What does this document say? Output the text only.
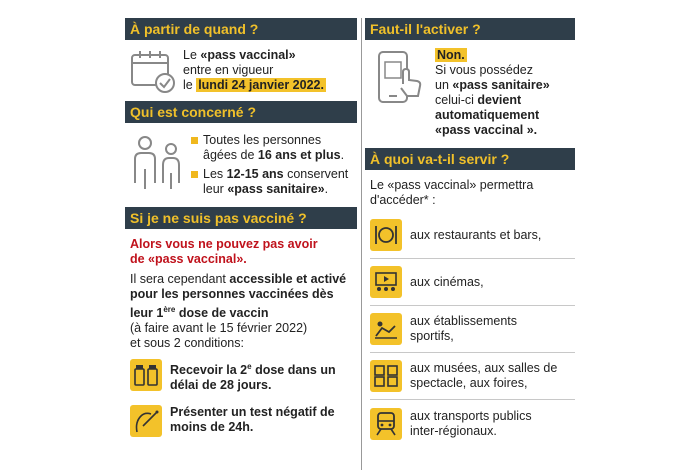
À partir de quand ?
Le «pass vaccinal»
entre en vigueur
le lundi 24 janvier 2022.
Qui est concerné ?
Toutes les personnes âgées de 16 ans et plus.
Les 12-15 ans conservent leur «pass sanitaire».
Si je ne suis pas vacciné ?
Alors vous ne pouvez pas avoir
de «pass vaccinal».
Il sera cependant accessible et activé pour les personnes vaccinées dès leur 1ère dose de vaccin
(à faire avant le 15 février 2022)
et sous 2 conditions:
Recevoir la 2e dose dans un délai de 28 jours.
Présenter un test négatif de moins de 24h.
Faut-il l'activer ?
Non.
Si vous possédez
un «pass sanitaire»
celui-ci devient
automatiquement
«pass vaccinal ».
À quoi va-t-il servir ?
Le «pass vaccinal» permettra
d'accéder* :
aux restaurants et bars,
aux cinémas,
aux établissements sportifs,
aux musées, aux salles de spectacle, aux foires,
aux transports publics inter-régionaux.
